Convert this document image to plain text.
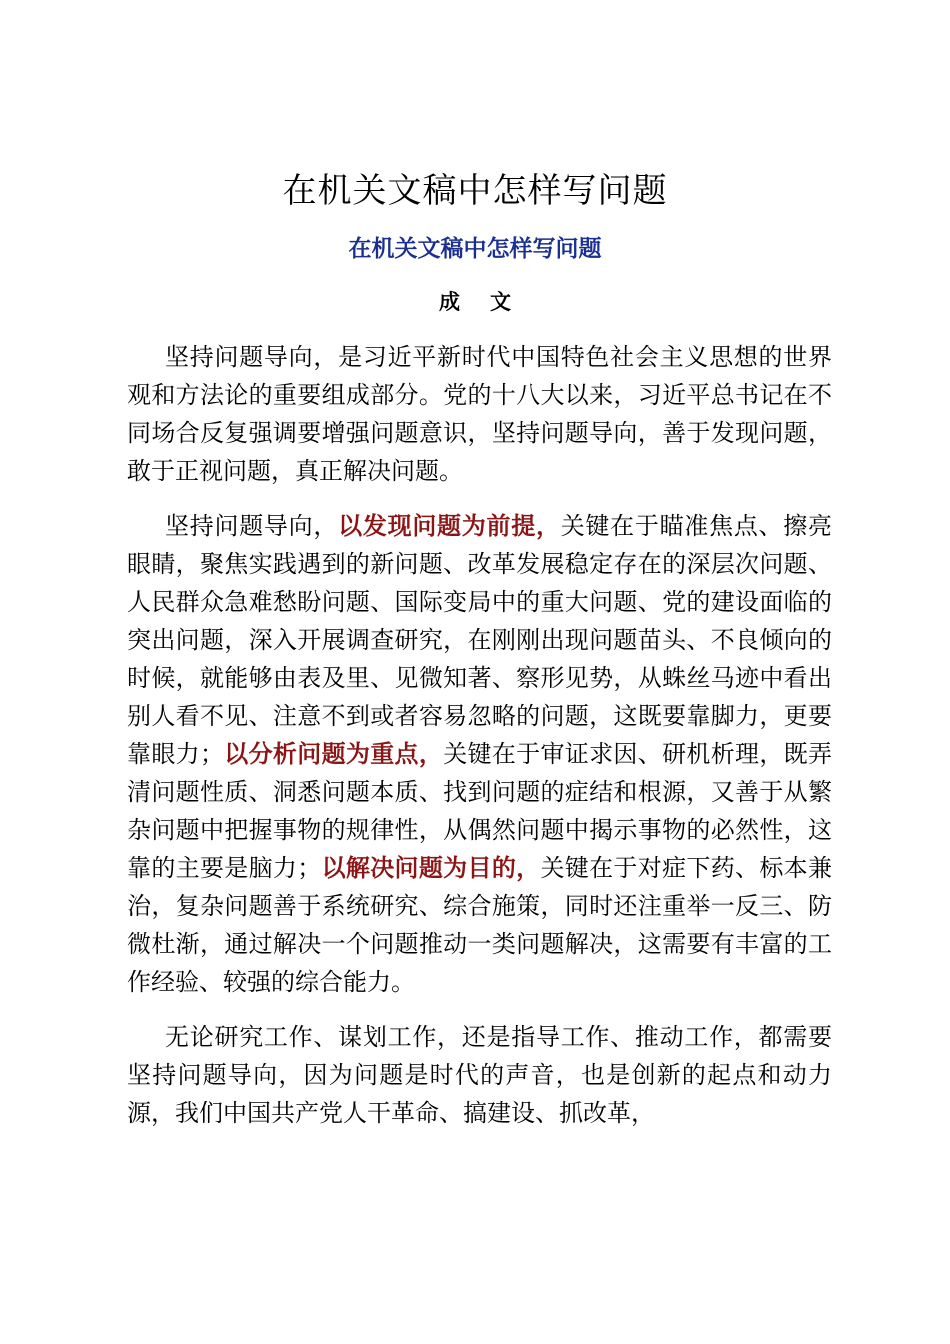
在机关文稿中怎样写问题
在机关文稿中怎样写问题
成文

坚持问题导向，是习近平新时代中国特色社会主义思想的世界观和方法论的重要组成部分。党的十八大以来，习近平总书记在不同场合反复强调要增强问题意识，坚持问题导向，善于发现问题，敢于正视问题，真正解决问题。

坚持问题导向，以发现问题为前提，关键在于瞄准焦点、擦亮眼睛，聚焦实践遇到的新问题、改革发展稳定存在的深层次问题、人民群众急难愁盼问题、国际变局中的重大问题、党的建设面临的突出问题，深入开展调查研究，在刚刚出现问题苗头、不良倾向的时候，就能够由表及里、见微知著、察形见势，从蛛丝马迹中看出别人看不见、注意不到或者容易忽略的问题，这既要靠脚力，更要靠眼力；以分析问题为重点，关键在于审证求因、研机析理，既弄清问题性质、洞悉问题本质、找到问题的症结和根源，又善于从繁杂问题中把握事物的规律性，从偶然问题中揭示事物的必然性，这靠的主要是脑力；以解决问题为目的，关键在于对症下药、标本兼治，复杂问题善于系统研究、综合施策，同时还注重举一反三、防微杜渐，通过解决一个问题推动一类问题解决，这需要有丰富的工作经验、较强的综合能力。

无论研究工作、谋划工作，还是指导工作、推动工作，都需要坚持问题导向，因为问题是时代的声音，也是创新的起点和动力源，我们中国共产党人干革命、搞建设、抓改革，
